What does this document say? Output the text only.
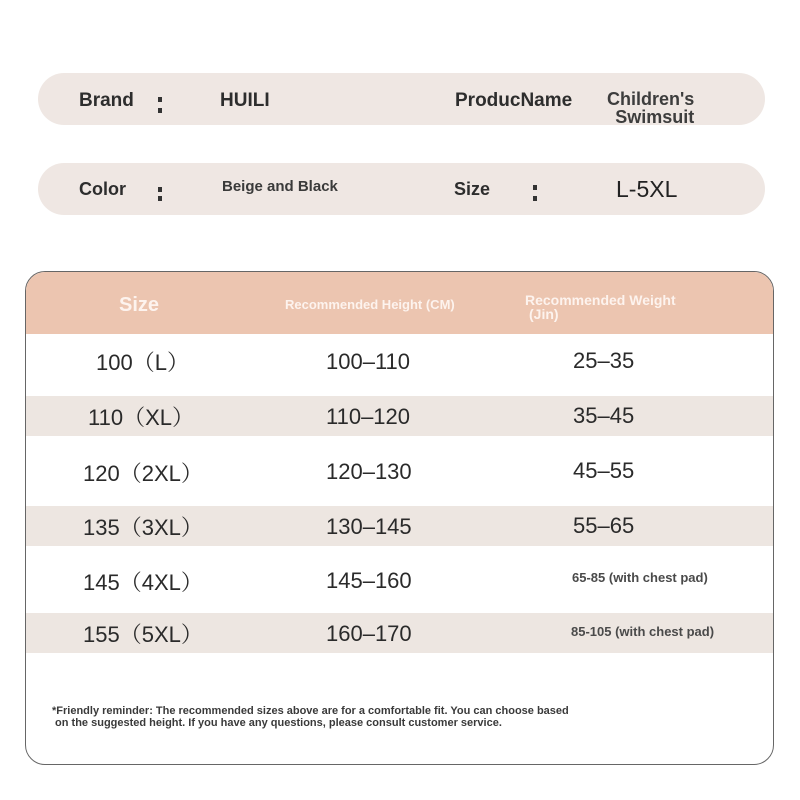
Brand	HUILI	ProducName Children's
Swimsuit
Color	Beige and Black	Size	L-5XL
Size	Recommended Height (CM)	Recommended Weight
(Jin)
100（L）	100–110	25–35
110（XL）	110–120	35–45
120（2XL）	120–130	45–55
135（3XL）	130–145	55–65
145（4XL）	145–160	65-85 (with chest pad)
155（5XL）	160–170	85-105 (with chest pad)
*Friendly reminder: The recommended sizes above are for a comfortable fit. You can choose based
on the suggested height. If you have any questions, please consult customer service.
